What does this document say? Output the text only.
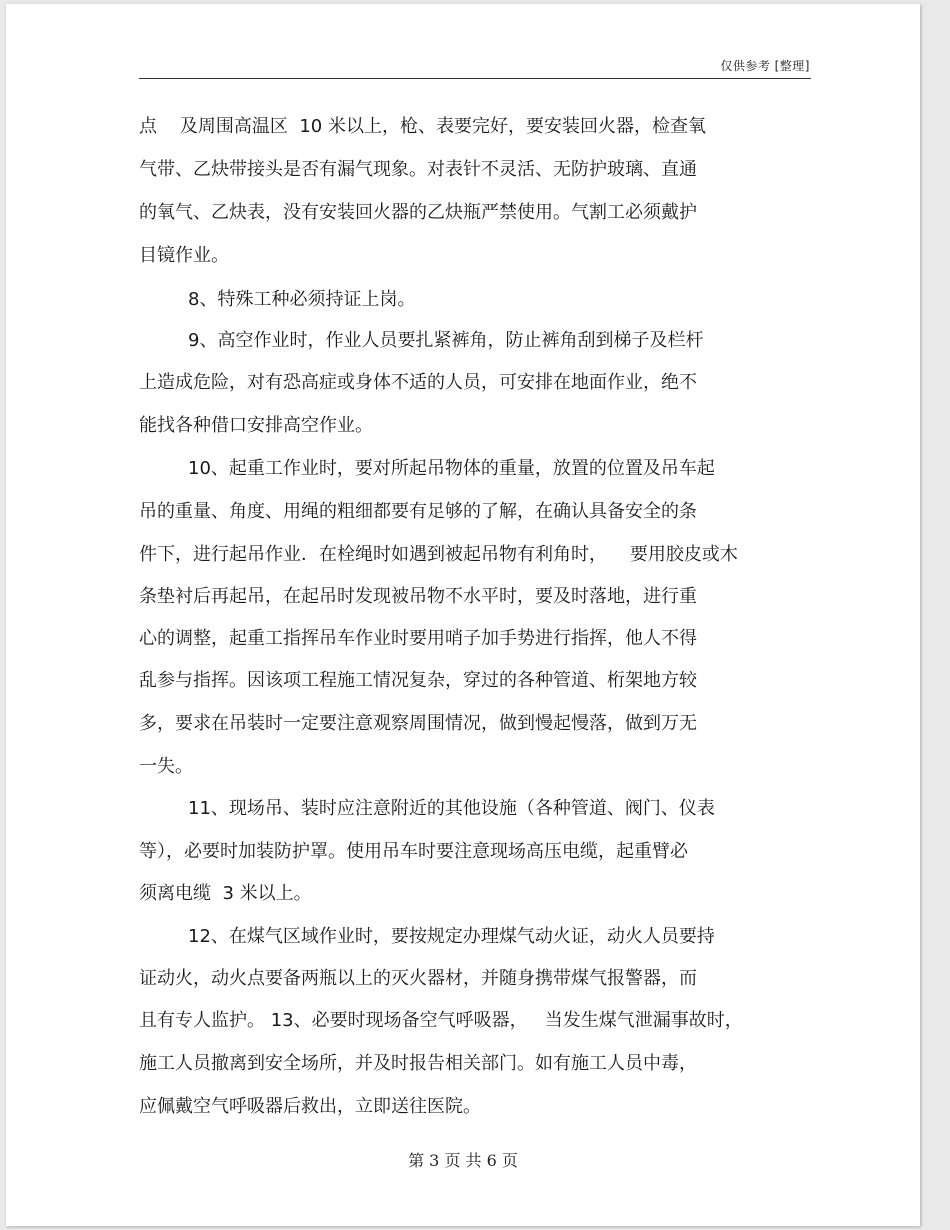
仅供参考 [整理]
点    及周围高温区  10 米以上，枪、表要完好，要安装回火器，检查氧
气带、乙炔带接头是否有漏气现象。对表针不灵活、无防护玻璃、直通
的氧气、乙炔表，没有安装回火器的乙炔瓶严禁使用。气割工必须戴护
目镜作业。
8、特殊工种必须持证上岗。
9、高空作业时，作业人员要扎紧裤角，防止裤角刮到梯子及栏杆
上造成危险，对有恐高症或身体不适的人员，可安排在地面作业，绝不
能找各种借口安排高空作业。
10、起重工作业时，要对所起吊物体的重量，放置的位置及吊车起
吊的重量、角度、用绳的粗细都要有足够的了解，在确认具备安全的条
件下，进行起吊作业．在栓绳时如遇到被起吊物有利角时，    要用胶皮或木
条垫衬后再起吊，在起吊时发现被吊物不水平时，要及时落地，进行重
心的调整，起重工指挥吊车作业时要用哨子加手势进行指挥，他人不得
乱参与指挥。因该项工程施工情况复杂，穿过的各种管道、桁架地方较
多，要求在吊装时一定要注意观察周围情况，做到慢起慢落，做到万无
一失。
11、现场吊、装时应注意附近的其他设施（各种管道、阀门、仪表
等），必要时加装防护罩。使用吊车时要注意现场高压电缆，起重臂必
须离电缆  3 米以上。
12、在煤气区域作业时，要按规定办理煤气动火证，动火人员要持
证动火，动火点要备两瓶以上的灭火器材，并随身携带煤气报警器，而
且有专人监护。 13、必要时现场备空气呼吸器，   当发生煤气泄漏事故时，
施工人员撤离到安全场所，并及时报告相关部门。如有施工人员中毒，
应佩戴空气呼吸器后救出，立即送往医院。
第 3 页 共 6 页
